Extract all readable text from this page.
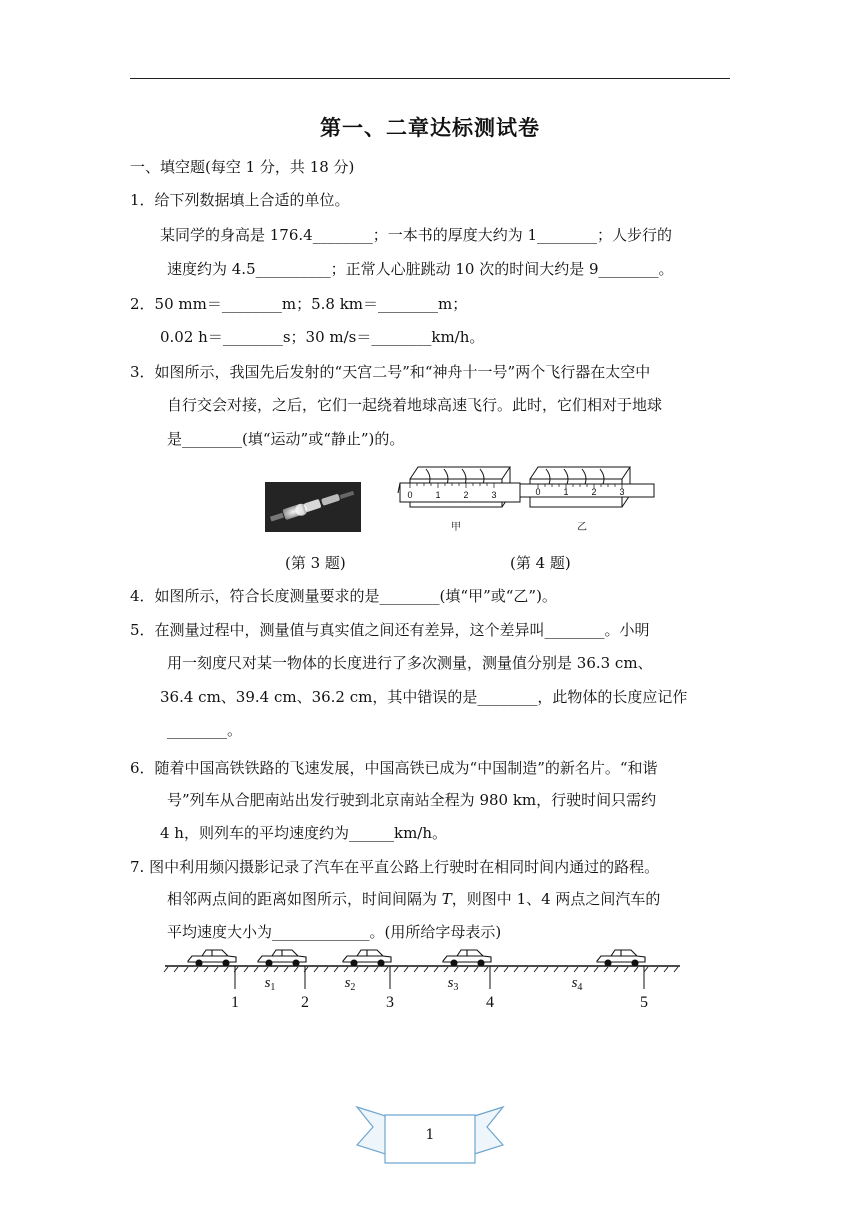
第一、二章达标测试卷
一、填空题(每空 1 分，共 18 分)
1．给下列数据填上合适的单位。
某同学的身高是 176.4________；一本书的厚度大约为 1________；人步行的
速度约为 4.5__________；正常人心脏跳动 10 次的时间大约是 9________。
2．50 mm＝________m；5.8 km＝________m；
0.02 h＝________s；30 m/s＝________km/h。
3．如图所示，我国先后发射的“天宫二号”和“神舟十一号”两个飞行器在太空中
自行交会对接，之后，它们一起绕着地球高速飞行。此时，它们相对于地球
是________(填“运动”或“静止”)的。
0	1	2	3	0	1	2	3
甲	乙
(第 3 题)	(第 4 题)
4．如图所示，符合长度测量要求的是________(填“甲”或“乙”)。
5．在测量过程中，测量值与真实值之间还有差异，这个差异叫________。小明
用一刻度尺对某一物体的长度进行了多次测量，测量值分别是 36.3 cm、
36.4 cm、39.4 cm、36.2 cm，其中错误的是________，此物体的长度应记作
________。
6．随着中国高铁铁路的飞速发展，中国高铁已成为“中国制造”的新名片。“和谐
号”列车从合肥南站出发行驶到北京南站全程为 980 km，行驶时间只需约
4 h，则列车的平均速度约为______km/h。
7. 图中利用频闪摄影记录了汽车在平直公路上行驶时在相同时间内通过的路程。
相邻两点间的距离如图所示，时间间隔为 T，则图中 1、4 两点之间汽车的
平均速度大小为_____________。(用所给字母表示)
$s_1$	$s_2$	$s_3$	$s_4$
1	2	3	4	5
1
